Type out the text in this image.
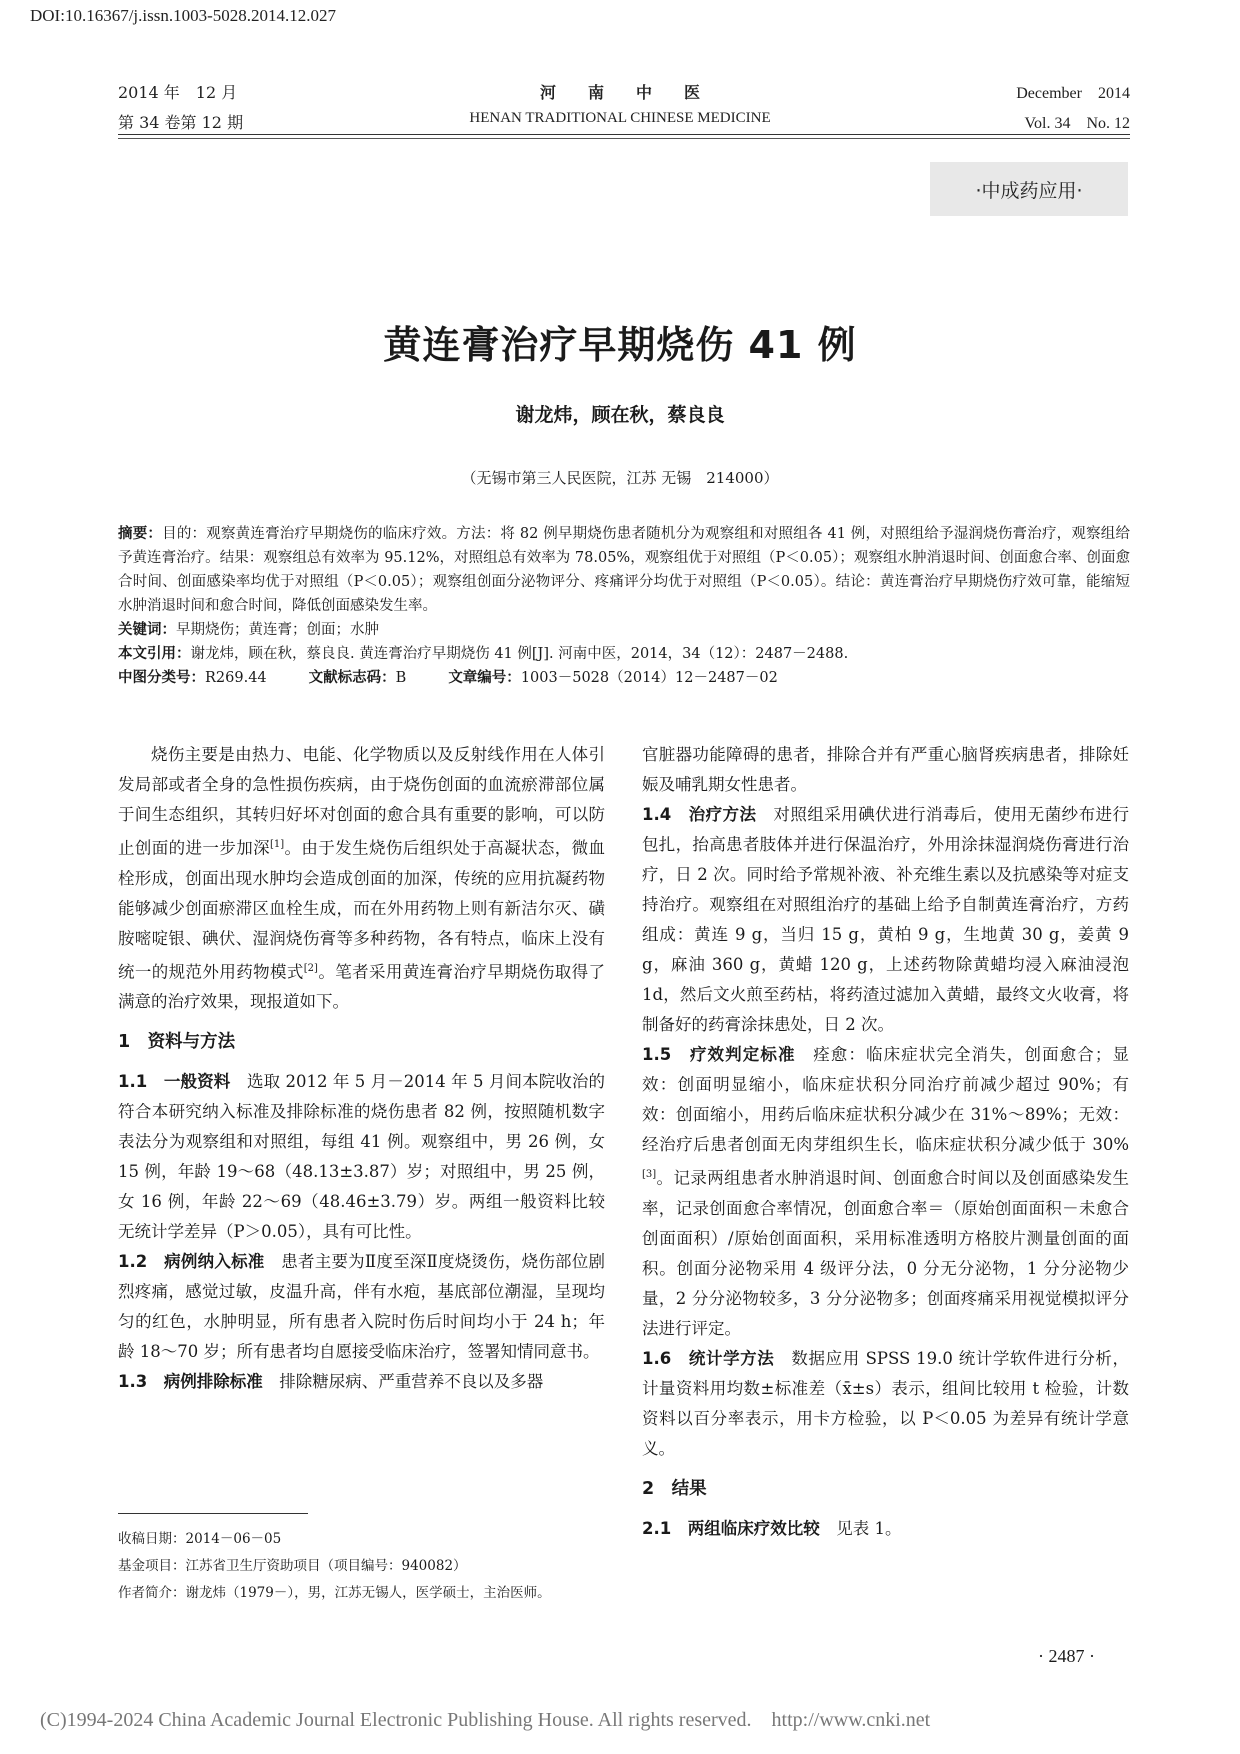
DOI:10.16367/j.issn.1003-5028.2014.12.027
2014 年　12 月
第 34 卷第 12 期
河　　南　　中　　医
HENAN TRADITIONAL CHINESE MEDICINE
December　2014
Vol. 34　No. 12
·中成药应用·
黄连膏治疗早期烧伤 41 例
谢龙炜，顾在秋，蔡良良
（无锡市第三人民医院，江苏 无锡　214000）

摘要：目的：观察黄连膏治疗早期烧伤的临床疗效。方法：将 82 例早期烧伤患者随机分为观察组和对照组各 41 例，对照组给予湿润烧伤膏治疗，观察组给予黄连膏治疗。结果：观察组总有效率为 95.12%，对照组总有效率为 78.05%，观察组优于对照组（P＜0.05）；观察组水肿消退时间、创面愈合率、创面愈合时间、创面感染率均优于对照组（P＜0.05）；观察组创面分泌物评分、疼痛评分均优于对照组（P＜0.05）。结论：黄连膏治疗早期烧伤疗效可靠，能缩短水肿消退时间和愈合时间，降低创面感染发生率。

关键词：早期烧伤；黄连膏；创面；水肿

本文引用：谢龙炜，顾在秋，蔡良良. 黄连膏治疗早期烧伤 41 例[J]. 河南中医，2014，34（12）：2487－2488.

中图分类号：R269.44	文献标志码：B	文章编号：1003－5028（2014）12－2487－02

烧伤主要是由热力、电能、化学物质以及反射线作用在人体引发局部或者全身的急性损伤疾病，由于烧伤创面的血流瘀滞部位属于间生态组织，其转归好坏对创面的愈合具有重要的影响，可以防止创面的进一步加深[1]。由于发生烧伤后组织处于高凝状态，微血栓形成，创面出现水肿均会造成创面的加深，传统的应用抗凝药物能够减少创面瘀滞区血栓生成，而在外用药物上则有新洁尔灭、磺胺嘧啶银、碘伏、湿润烧伤膏等多种药物，各有特点，临床上没有统一的规范外用药物模式[2]。笔者采用黄连膏治疗早期烧伤取得了满意的治疗效果，现报道如下。

1　资料与方法

1.1　一般资料　选取 2012 年 5 月－2014 年 5 月间本院收治的符合本研究纳入标准及排除标准的烧伤患者 82 例，按照随机数字表法分为观察组和对照组，每组 41 例。观察组中，男 26 例，女 15 例，年龄 19～68（48.13±3.87）岁；对照组中，男 25 例，女 16 例，年龄 22～69（48.46±3.79）岁。两组一般资料比较无统计学差异（P＞0.05），具有可比性。

1.2　病例纳入标准　患者主要为Ⅱ度至深Ⅱ度烧烫伤，烧伤部位剧烈疼痛，感觉过敏，皮温升高，伴有水疱，基底部位潮湿，呈现均匀的红色，水肿明显，所有患者入院时伤后时间均小于 24 h；年龄 18～70 岁；所有患者均自愿接受临床治疗，签署知情同意书。

1.3　病例排除标准　排除糖尿病、严重营养不良以及多器

收稿日期：2014－06－05

基金项目：江苏省卫生厅资助项目（项目编号：940082）

作者简介：谢龙炜（1979－），男，江苏无锡人，医学硕士，主治医师。

官脏器功能障碍的患者，排除合并有严重心脑肾疾病患者，排除妊娠及哺乳期女性患者。

1.4　治疗方法　对照组采用碘伏进行消毒后，使用无菌纱布进行包扎，抬高患者肢体并进行保温治疗，外用涂抹湿润烧伤膏进行治疗，日 2 次。同时给予常规补液、补充维生素以及抗感染等对症支持治疗。观察组在对照组治疗的基础上给予自制黄连膏治疗，方药组成：黄连 9 g，当归 15 g，黄柏 9 g，生地黄 30 g，姜黄 9 g，麻油 360 g，黄蜡 120 g，上述药物除黄蜡均浸入麻油浸泡 1d，然后文火煎至药枯，将药渣过滤加入黄蜡，最终文火收膏，将制备好的药膏涂抹患处，日 2 次。

1.5　疗效判定标准　痊愈：临床症状完全消失，创面愈合；显效：创面明显缩小，临床症状积分同治疗前减少超过 90%；有效：创面缩小，用药后临床症状积分减少在 31%～89%；无效：经治疗后患者创面无肉芽组织生长，临床症状积分减少低于 30%[3]。记录两组患者水肿消退时间、创面愈合时间以及创面感染发生率，记录创面愈合率情况，创面愈合率＝（原始创面面积－未愈合创面面积）/原始创面面积，采用标准透明方格胶片测量创面的面积。创面分泌物采用 4 级评分法，0 分无分泌物，1 分分泌物少量，2 分分泌物较多，3 分分泌物多；创面疼痛采用视觉模拟评分法进行评定。

1.6　统计学方法　数据应用 SPSS 19.0 统计学软件进行分析，计量资料用均数±标准差（x̄±s）表示，组间比较用 t 检验，计数资料以百分率表示，用卡方检验，以 P＜0.05 为差异有统计学意义。

2　结果

2.1　两组临床疗效比较　见表 1。

· 2487 ·
(C)1994-2024 China Academic Journal Electronic Publishing House. All rights reserved.　http://www.cnki.net
